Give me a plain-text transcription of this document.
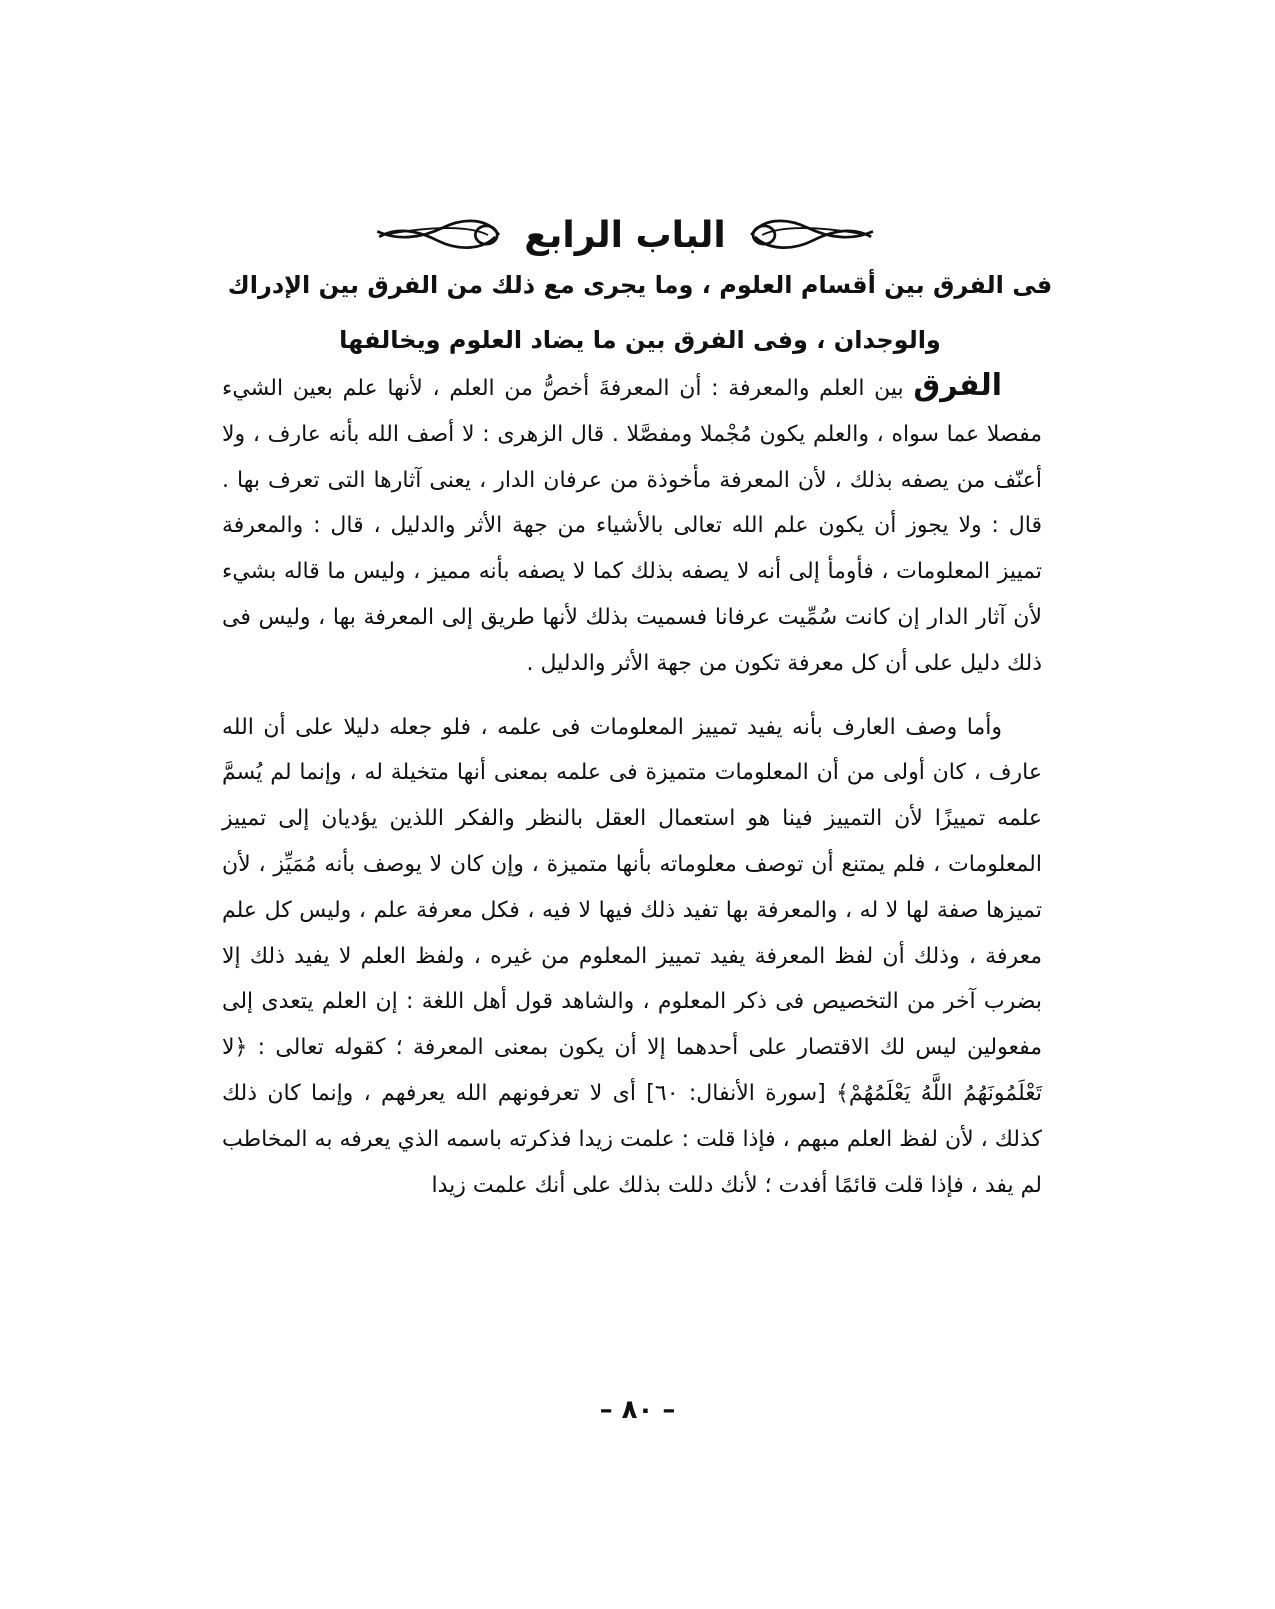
الباب الرابع

فى الفرق بين أقسام العلوم ، وما يجرى مع ذلك من الفرق بين الإدراك

والوجدان ، وفى الفرق بين ما يضاد العلوم ويخالفها

الفرق بين العلم والمعرفة : أن المعرفةَ أخصُّ من العلم ، لأنها علم بعين الشيء مفصلا عما سواه ، والعلم يكون مُجْملا ومفصَّلا . قال الزهرى : لا أصف الله بأنه عارف ، ولا أعنّف من يصفه بذلك ، لأن المعرفة مأخوذة من عرفان الدار ، يعنى آثارها التى تعرف بها . قال : ولا يجوز أن يكون علم الله تعالى بالأشياء من جهة الأثر والدليل ، قال : والمعرفة تمييز المعلومات ، فأومأ إلى أنه لا يصفه بذلك كما لا يصفه بأنه مميز ، وليس ما قاله بشيء لأن آثار الدار إن كانت سُمِّيت عرفانا فسميت بذلك لأنها طريق إلى المعرفة بها ، وليس فى ذلك دليل على أن كل معرفة تكون من جهة الأثر والدليل .

وأما وصف العارف بأنه يفيد تمييز المعلومات فى علمه ، فلو جعله دليلا على أن الله عارف ، كان أولى من أن المعلومات متميزة فى علمه بمعنى أنها متخيلة له ، وإنما لم يُسمَّ علمه تمييزًا لأن التمييز فينا هو استعمال العقل بالنظر والفكر اللذين يؤديان إلى تمييز المعلومات ، فلم يمتنع أن توصف معلوماته بأنها متميزة ، وإن كان لا يوصف بأنه مُمَيِّز ، لأن تميزها صفة لها لا له ، والمعرفة بها تفيد ذلك فيها لا فيه ، فكل معرفة علم ، وليس كل علم معرفة ، وذلك أن لفظ المعرفة يفيد تمييز المعلوم من غيره ، ولفظ العلم لا يفيد ذلك إلا بضرب آخر من التخصيص فى ذكر المعلوم ، والشاهد قول أهل اللغة : إن العلم يتعدى إلى مفعولين ليس لك الاقتصار على أحدهما إلا أن يكون بمعنى المعرفة ؛ كقوله تعالى : ﴿لا تَعْلَمُونَهُمُ اللَّهُ يَعْلَمُهُمْ﴾ [سورة الأنفال: ٦٠] أى لا تعرفونهم الله يعرفهم ، وإنما كان ذلك كذلك ، لأن لفظ العلم مبهم ، فإذا قلت : علمت زيدا فذكرته باسمه الذي يعرفه به المخاطب لم يفد ، فإذا قلت قائمًا أفدت ؛ لأنك دللت بذلك على أنك علمت زيدا

– ٨٠ –
